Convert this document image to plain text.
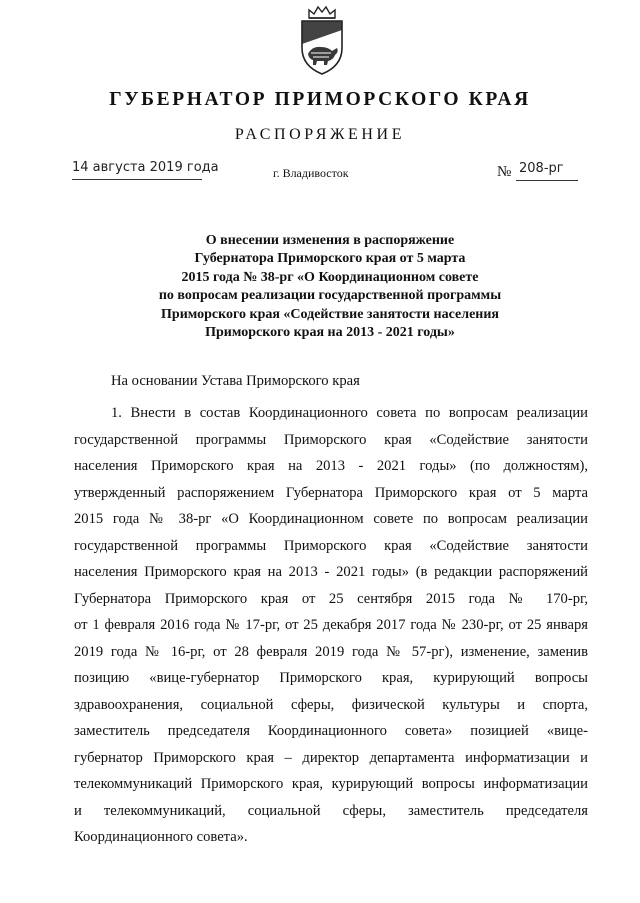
ГУБЕРНАТОР ПРИМОРСКОГО КРАЯ
РАСПОРЯЖЕНИЕ
14 августа 2019 года	г. Владивосток	№ 208-рг
О внесении изменения в распоряжение
Губернатора Приморского края от 5 марта
2015 года № 38-рг «О Координационном совете
по вопросам реализации государственной программы
Приморского края «Содействие занятости населения
Приморского края на 2013 - 2021 годы»
На основании Устава Приморского края
1. Внести в состав Координационного совета по вопросам реализации
государственной программы Приморского края «Содействие занятости
населения Приморского края на 2013 - 2021 годы» (по должностям),
утвержденный распоряжением Губернатора Приморского края от 5 марта
2015 года № 38-рг «О Координационном совете по вопросам реализации
государственной программы Приморского края «Содействие занятости
населения Приморского края на 2013 - 2021 годы» (в редакции распоряжений
Губернатора Приморского края от 25 сентября 2015 года № 170-рг,
от 1 февраля 2016 года № 17-рг, от 25 декабря 2017 года № 230-рг, от 25 января
2019 года № 16-рг, от 28 февраля 2019 года № 57-рг), изменение, заменив
позицию «вице-губернатор Приморского края, курирующий вопросы
здравоохранения, социальной сферы, физической культуры и спорта,
заместитель председателя Координационного совета» позицией «вице-
губернатор Приморского края – директор департамента информатизации и
телекоммуникаций Приморского края, курирующий вопросы информатизации
и телекоммуникаций, социальной сферы, заместитель председателя
Координационного совета».
